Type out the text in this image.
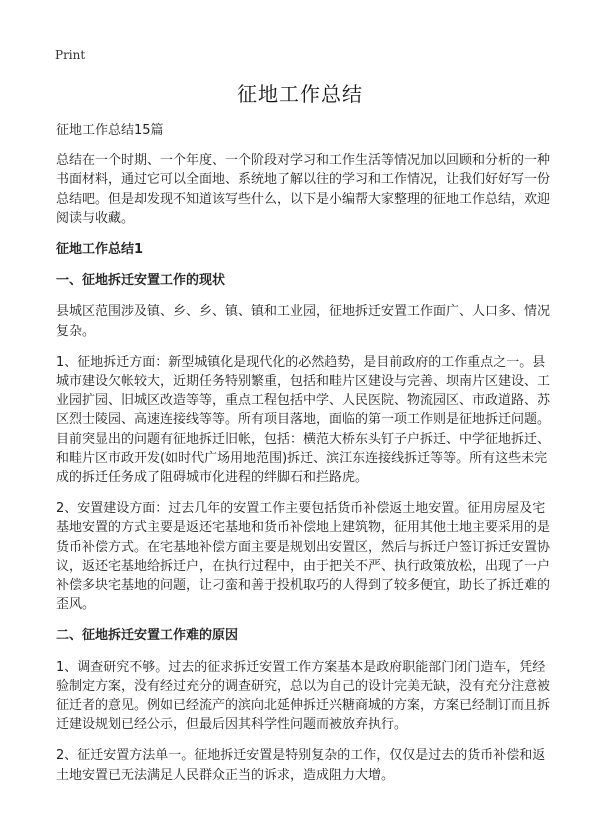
Print
征地工作总结

征地工作总结15篇

总结在一个时期、一个年度、一个阶段对学习和工作生活等情况加以回顾和分析的一种书面材料，通过它可以全面地、系统地了解以往的学习和工作情况，让我们好好写一份总结吧。但是却发现不知道该写些什么，以下是小编帮大家整理的征地工作总结，欢迎阅读与收藏。

征地工作总结1
一、征地拆迁安置工作的现状

县城区范围涉及镇、乡、乡、镇、镇和工业园，征地拆迁安置工作面广、人口多、情况复杂。

1、征地拆迁方面：新型城镇化是现代化的必然趋势，是目前政府的工作重点之一。县城市建设欠帐较大，近期任务特别繁重，包括和畦片区建设与完善、坝南片区建设、工业园扩园、旧城区改造等等，重点工程包括中学、人民医院、物流园区、市政道路、苏区烈士陵园、高速连接线等等。所有项目落地，面临的第一项工作则是征地拆迁问题。目前突显出的问题有征地拆迁旧帐，包括：横范大桥东头钉子户拆迁、中学征地拆迁、和畦片区市政开发(如时代广场用地范围)拆迁、滨江东连接线拆迁等等。所有这些未完成的拆迁任务成了阻碍城市化进程的绊脚石和拦路虎。

2、安置建设方面：过去几年的安置工作主要包括货币补偿返土地安置。征用房屋及宅基地安置的方式主要是返还宅基地和货币补偿地上建筑物，征用其他土地主要采用的是货币补偿方式。在宅基地补偿方面主要是规划出安置区，然后与拆迁户签订拆迁安置协议，返还宅基地给拆迁户，在执行过程中，由于把关不严、执行政策放松，出现了一户补偿多块宅基地的问题，让刁蛮和善于投机取巧的人得到了较多便宜，助长了拆迁难的歪风。

二、征地拆迁安置工作难的原因

1、调查研究不够。过去的征求拆迁安置工作方案基本是政府职能部门闭门造车，凭经验制定方案，没有经过充分的调查研究，总以为自己的设计完美无缺，没有充分注意被征迁者的意见。例如已经流产的滨向北延伸拆迁兴糖商城的方案，方案已经制订而且拆迁建设规划已经公示，但最后因其科学性问题而被放弃执行。

2、征迁安置方法单一。征地拆迁安置是特别复杂的工作，仅仅是过去的货币补偿和返土地安置已无法满足人民群众正当的诉求，造成阻力大增。
